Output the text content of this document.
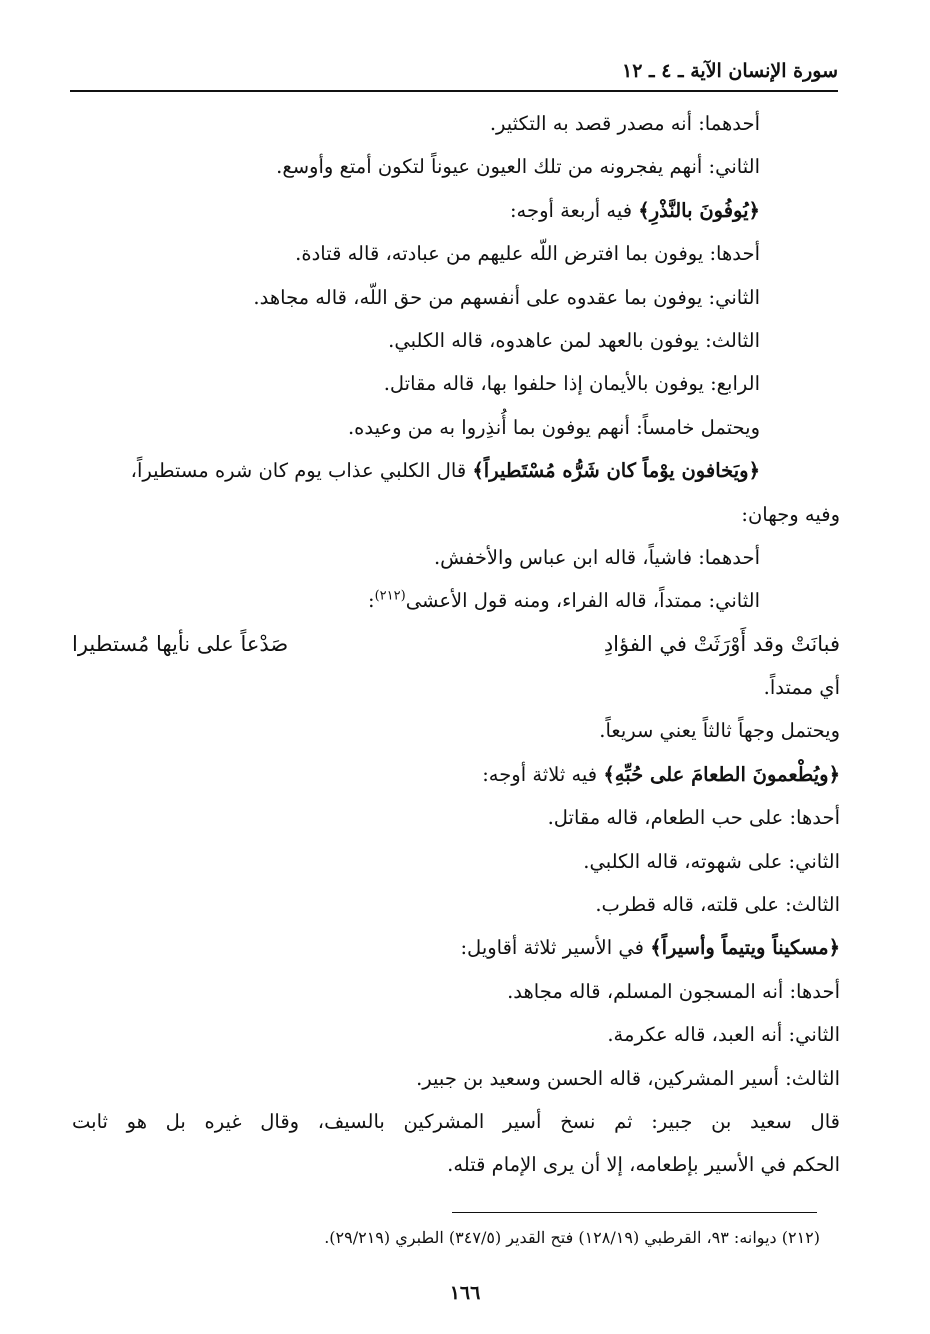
سورة الإنسان الآية ـ ٤ ـ ١٢
أحدهما: أنه مصدر قصد به التكثير.
الثاني: أنهم يفجرونه من تلك العيون عيوناً لتكون أمتع وأوسع.
﴿يُوفُونَ بالنَّذْرِ﴾ فيه أربعة أوجه:
أحدها: يوفون بما افترض اللّه عليهم من عبادته، قاله قتادة.
الثاني: يوفون بما عقدوه على أنفسهم من حق اللّه، قاله مجاهد.
الثالث: يوفون بالعهد لمن عاهدوه، قاله الكلبي.
الرابع: يوفون بالأيمان إذا حلفوا بها، قاله مقاتل.
ويحتمل خامساً: أنهم يوفون بما أُنذِروا به من وعيده.
﴿ويَخافون يوْماً كان شَرُّه مُسْتَطيراً﴾ قال الكلبي عذاب يوم كان شره مستطيراً،
وفيه وجهان:
أحدهما: فاشياً، قاله ابن عباس والأخفش.
الثاني: ممتداً، قاله الفراء، ومنه قول الأعشى$^{(٢١٢)}$:
فبانَتْ وقد أَوْرَثَتْ في الفؤادِ
صَدْعاً على نأيها مُستطيرا
أي ممتداً.
ويحتمل وجهاً ثالثاً يعني سريعاً.
﴿ويُطْعمونَ الطعامَ على حُبِّهِ﴾ فيه ثلاثة أوجه:
أحدها: على حب الطعام، قاله مقاتل.
الثاني: على شهوته، قاله الكلبي.
الثالث: على قلته، قاله قطرب.
﴿مسكيناً ويتيماً وأسيراً﴾ في الأسير ثلاثة أقاويل:
أحدها: أنه المسجون المسلم، قاله مجاهد.
الثاني: أنه العبد، قاله عكرمة.
الثالث: أسير المشركين، قاله الحسن وسعيد بن جبير.
قال سعيد بن جبير: ثم نسخ أسير المشركين بالسيف، وقال غيره بل هو ثابت
الحكم في الأسير بإطعامه، إلا أن يرى الإمام قتله.
(٢١٢) ديوانه: ٩٣، القرطبي (١٢٨/١٩) فتح القدير (٣٤٧/٥) الطبري (٢٩/٢١٩).
١٦٦
